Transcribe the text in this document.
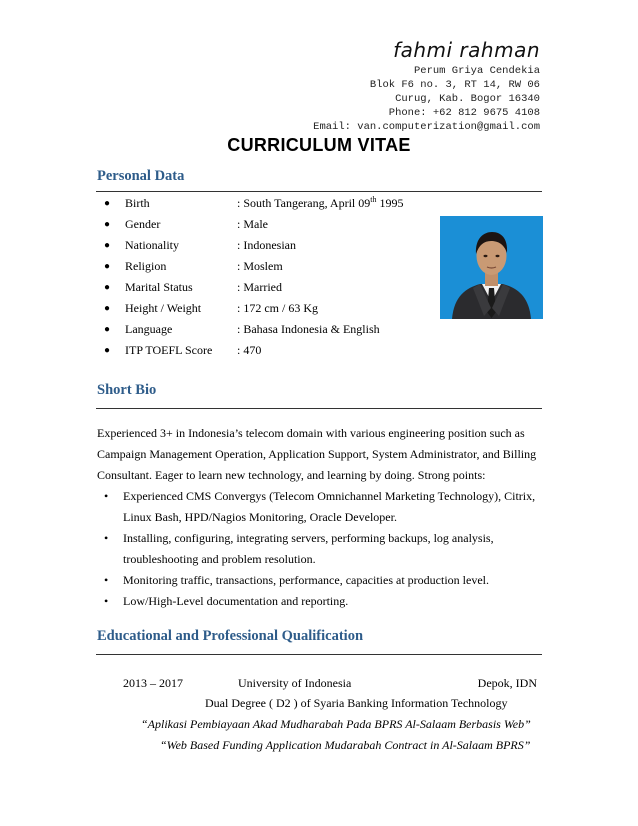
fahmi rahman
Perum Griya Cendekia
Blok F6 no. 3, RT 14, RW 06
Curug, Kab. Bogor 16340
Phone: +62 812 9675 4108
Email: van.computerization@gmail.com
CURRICULUM VITAE
Personal Data
● Birth	: South Tangerang, April 09th 1995
● Gender	: Male
● Nationality	: Indonesian
● Religion	: Moslem
● Marital Status	: Married
● Height / Weight	: 172 cm / 63 Kg
● Language	: Bahasa Indonesia & English
● ITP TOEFL Score : 470
Short Bio

Experienced 3+ in Indonesia’s telecom domain with various engineering position such as Campaign Management Operation, Application Support, System Administrator, and Billing Consultant. Eager to learn new technology, and learning by doing. Strong points:

• Experienced CMS Convergys (Telecom Omnichannel Marketing Technology), Citrix, Linux Bash, HPD/Nagios Monitoring, Oracle Developer.
• Installing, configuring, integrating servers, performing backups, log analysis, troubleshooting and problem resolution.
• Monitoring traffic, transactions, performance, capacities at production level.
• Low/High-Level documentation and reporting.
Educational and Professional Qualification
2013 – 2017	University of Indonesia	Depok, IDN
Dual Degree ( D2 ) of Syaria Banking Information Technology
“Aplikasi Pembiayaan Akad Mudharabah Pada BPRS Al-Salaam Berbasis Web”
“Web Based Funding Application Mudarabah Contract in Al-Salaam BPRS”
